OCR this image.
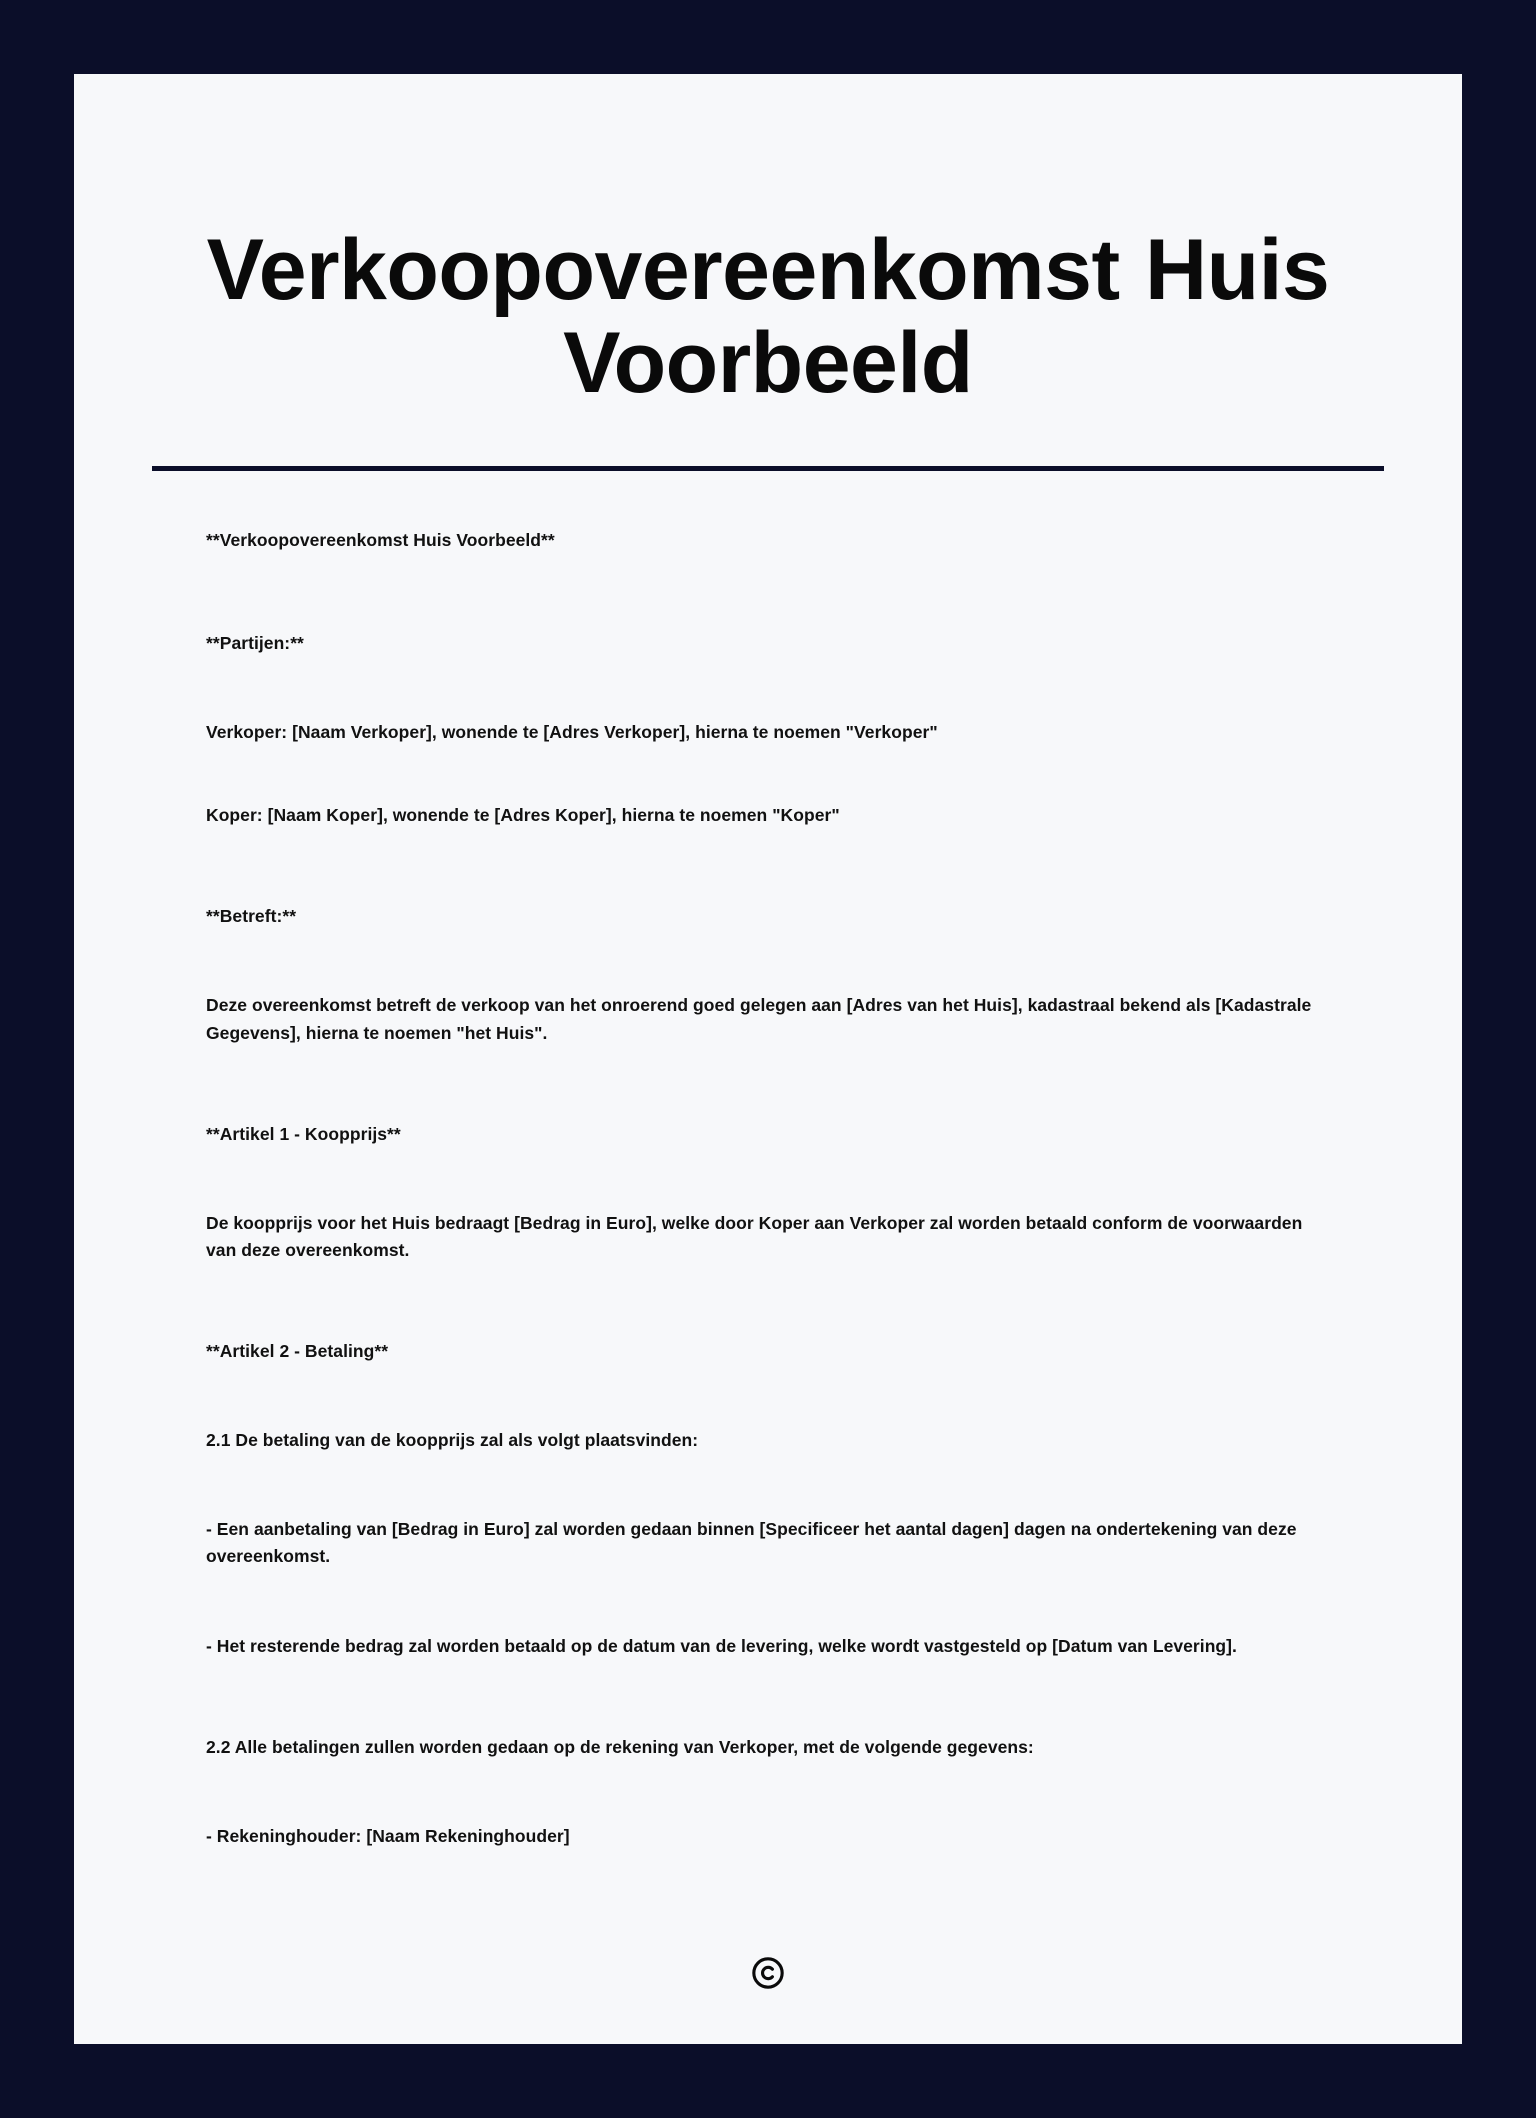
Verkoopovereenkomst Huis Voorbeeld

**Verkoopovereenkomst Huis Voorbeeld**

**Partijen:**

Verkoper: [Naam Verkoper], wonende te [Adres Verkoper], hierna te noemen "Verkoper"

Koper: [Naam Koper], wonende te [Adres Koper], hierna te noemen "Koper"

**Betreft:**

Deze overeenkomst betreft de verkoop van het onroerend goed gelegen aan [Adres van het Huis], kadastraal bekend als [Kadastrale Gegevens], hierna te noemen "het Huis".

**Artikel 1 - Koopprijs**

De koopprijs voor het Huis bedraagt [Bedrag in Euro], welke door Koper aan Verkoper zal worden betaald conform de voorwaarden van deze overeenkomst.

**Artikel 2 - Betaling**

2.1 De betaling van de koopprijs zal als volgt plaatsvinden:

- Een aanbetaling van [Bedrag in Euro] zal worden gedaan binnen [Specificeer het aantal dagen] dagen na ondertekening van deze overeenkomst.

- Het resterende bedrag zal worden betaald op de datum van de levering, welke wordt vastgesteld op [Datum van Levering].

2.2 Alle betalingen zullen worden gedaan op de rekening van Verkoper, met de volgende gegevens:

- Rekeninghouder: [Naam Rekeninghouder]
